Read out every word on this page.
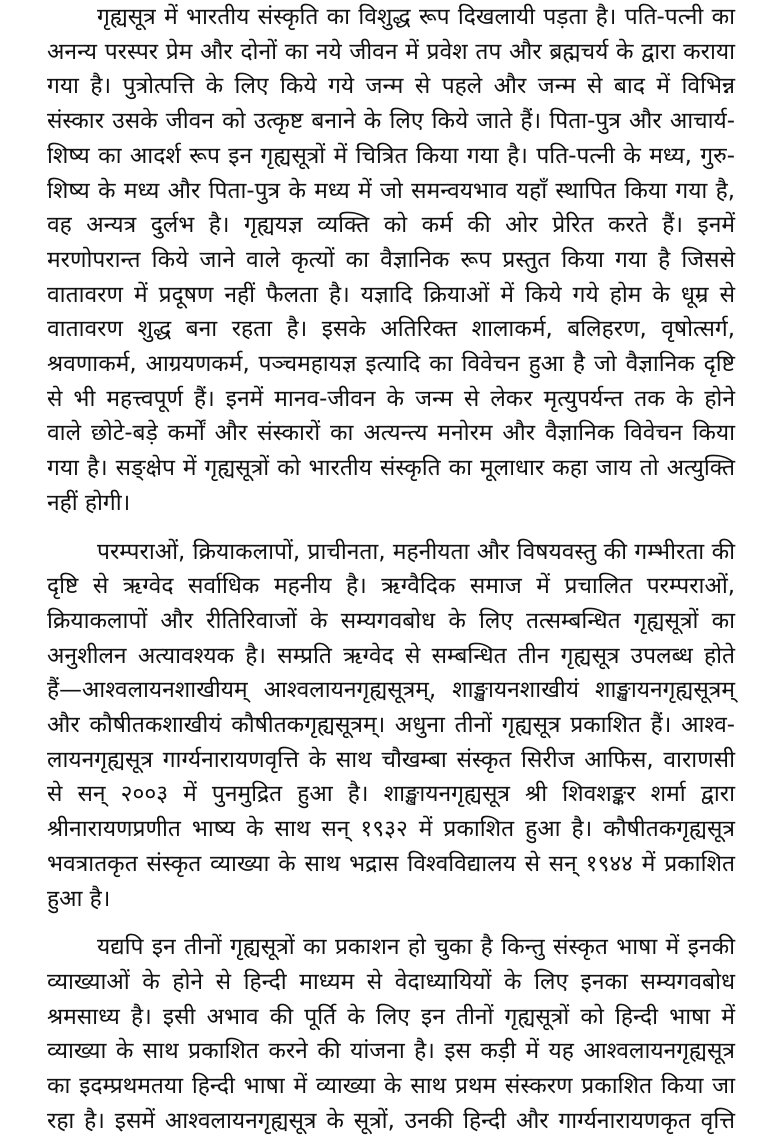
गृह्यसूत्र में भारतीय संस्कृति का विशुद्ध रूप दिखलायी पड़ता है। पति-पत्नी का
अनन्य परस्पर प्रेम और दोनों का नये जीवन में प्रवेश तप और ब्रह्मचर्य के द्वारा कराया
गया है। पुत्रोत्पत्ति के लिए किये गये जन्म से पहले और जन्म से बाद में विभिन्न
संस्कार उसके जीवन को उत्कृष्ट बनाने के लिए किये जाते हैं। पिता-पुत्र और आचार्य-
शिष्य का आदर्श रूप इन गृह्यसूत्रों में चित्रित किया गया है। पति-पत्नी के मध्य, गुरु-
शिष्य के मध्य और पिता-पुत्र के मध्य में जो समन्वयभाव यहाँ स्थापित किया गया है,
वह अन्यत्र दुर्लभ है। गृह्ययज्ञ व्यक्ति को कर्म की ओर प्रेरित करते हैं। इनमें
मरणोपरान्त किये जाने वाले कृत्यों का वैज्ञानिक रूप प्रस्तुत किया गया है जिससे
वातावरण में प्रदूषण नहीं फैलता है। यज्ञादि क्रियाओं में किये गये होम के धूम्र से
वातावरण शुद्ध बना रहता है। इसके अतिरिक्त शालाकर्म, बलिहरण, वृषोत्सर्ग,
श्रवणाकर्म, आग्रयणकर्म, पञ्चमहायज्ञ इत्यादि का विवेचन हुआ है जो वैज्ञानिक दृष्टि
से भी महत्त्वपूर्ण हैं। इनमें मानव-जीवन के जन्म से लेकर मृत्युपर्यन्त तक के होने
वाले छोटे-बड़े कर्मों और संस्कारों का अत्यन्त्य मनोरम और वैज्ञानिक विवेचन किया
गया है। सङ्क्षेप में गृह्यसूत्रों को भारतीय संस्कृति का मूलाधार कहा जाय तो अत्युक्ति
नहीं होगी।
परम्पराओं, क्रियाकलापों, प्राचीनता, महनीयता और विषयवस्तु की गम्भीरता की
दृष्टि से ऋग्वेद सर्वाधिक महनीय है। ऋग्वैदिक समाज में प्रचालित परम्पराओं,
क्रियाकलापों और रीतिरिवाजों के सम्यगवबोध के लिए तत्सम्बन्धित गृह्यसूत्रों का
अनुशीलन अत्यावश्यक है। सम्प्रति ऋग्वेद से सम्बन्धित तीन गृह्यसूत्र उपलब्ध होते
हैं—आश्वलायनशाखीयम् आश्वलायनगृह्यसूत्रम्, शाङ्खायनशाखीयं शाङ्खायनगृह्यसूत्रम्
और कौषीतकशाखीयं कौषीतकगृह्यसूत्रम्। अधुना तीनों गृह्यसूत्र प्रकाशित हैं। आश्व-
लायनगृह्यसूत्र गार्ग्यनारायणवृत्ति के साथ चौखम्बा संस्कृत सिरीज आफिस, वाराणसी
से सन् २००३ में पुनमुद्रित हुआ है। शाङ्खायनगृह्यसूत्र श्री शिवशङ्कर शर्मा द्वारा
श्रीनारायणप्रणीत भाष्य के साथ सन् १९३२ में प्रकाशित हुआ है। कौषीतकगृह्यसूत्र
भवत्रातकृत संस्कृत व्याख्या के साथ भद्रास विश्वविद्यालय से सन् १९४४ में प्रकाशित
हुआ है।
यद्यपि इन तीनों गृह्यसूत्रों का प्रकाशन हो चुका है किन्तु संस्कृत भाषा में इनकी
व्याख्याओं के होने से हिन्दी माध्यम से वेदाध्यायियों के लिए इनका सम्यगवबोध
श्रमसाध्य है। इसी अभाव की पूर्ति के लिए इन तीनों गृह्यसूत्रों को हिन्दी भाषा में
व्याख्या के साथ प्रकाशित करने की यांजना है। इस कड़ी में यह आश्वलायनगृह्यसूत्र
का इदम्प्रथमतया हिन्दी भाषा में व्याख्या के साथ प्रथम संस्करण प्रकाशित किया जा
रहा है। इसमें आश्वलायनगृह्यसूत्र के सूत्रों, उनकी हिन्दी और गार्ग्यनारायणकृत वृत्ति
